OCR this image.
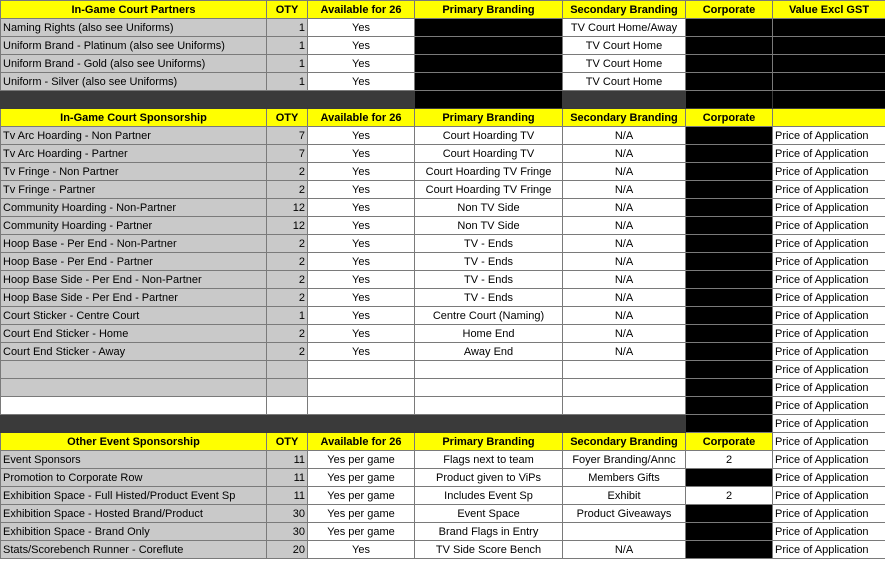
In-Game Court Partners	OTY	Available for 26	Primary Branding	Secondary Branding	Corporate	Value Excl GST
Naming Rights (also see Uniforms)	1	Yes		TV Court Home/Away		
Uniform Brand - Platinum (also see Uniforms)	1	Yes		TV Court Home		
Uniform Brand - Gold (also see Uniforms)	1	Yes		TV Court Home		
Uniform - Silver (also see Uniforms)	1	Yes		TV Court Home		

In-Game Court Sponsorship	OTY	Available for 26	Primary Branding	Secondary Branding	Corporate	
Tv Arc Hoarding - Non Partner	7	Yes	Court Hoarding TV	N/A		Price of Application
Tv Arc Hoarding - Partner	7	Yes	Court Hoarding TV	N/A		Price of Application
Tv Fringe - Non Partner	2	Yes	Court Hoarding TV Fringe	N/A		Price of Application
Tv Fringe - Partner	2	Yes	Court Hoarding TV Fringe	N/A		Price of Application
Community Hoarding - Non-Partner	12	Yes	Non TV Side	N/A		Price of Application
Community Hoarding - Partner	12	Yes	Non TV Side	N/A		Price of Application
Hoop Base - Per End - Non-Partner	2	Yes	TV - Ends	N/A		Price of Application
Hoop Base - Per End - Partner	2	Yes	TV - Ends	N/A		Price of Application
Hoop Base Side - Per End - Non-Partner	2	Yes	TV - Ends	N/A		Price of Application
Hoop Base Side - Per End - Partner	2	Yes	TV - Ends	N/A		Price of Application
Court Sticker - Centre Court	1	Yes	Centre Court (Naming)	N/A		Price of Application
Court End Sticker - Home	2	Yes	Home End	N/A		Price of Application
Court End Sticker - Away	2	Yes	Away End	N/A		Price of Application
						Price of Application
						Price of Application
						Price of Application
						Price of Application
Other Event Sponsorship	OTY	Available for 26	Primary Branding	Secondary Branding	Corporate	Price of Application
Event Sponsors	11	Yes per game	Flags next to team	Foyer Branding/Annc	2	Price of Application
Promotion to Corporate Row	11	Yes per game	Product given to ViPs	Members Gifts		Price of Application
Exhibition Space - Full Histed/Product Event Sp	11	Yes per game	Includes Event Sp	Exhibit	2	Price of Application
Exhibition Space - Hosted Brand/Product	30	Yes per game	Event Space	Product Giveaways		Price of Application
Exhibition Space - Brand Only	30	Yes per game	Brand Flags in Entry			Price of Application
Stats/Scorebench Runner - Coreflute	20	Yes	TV Side Score Bench	N/A		Price of Application
